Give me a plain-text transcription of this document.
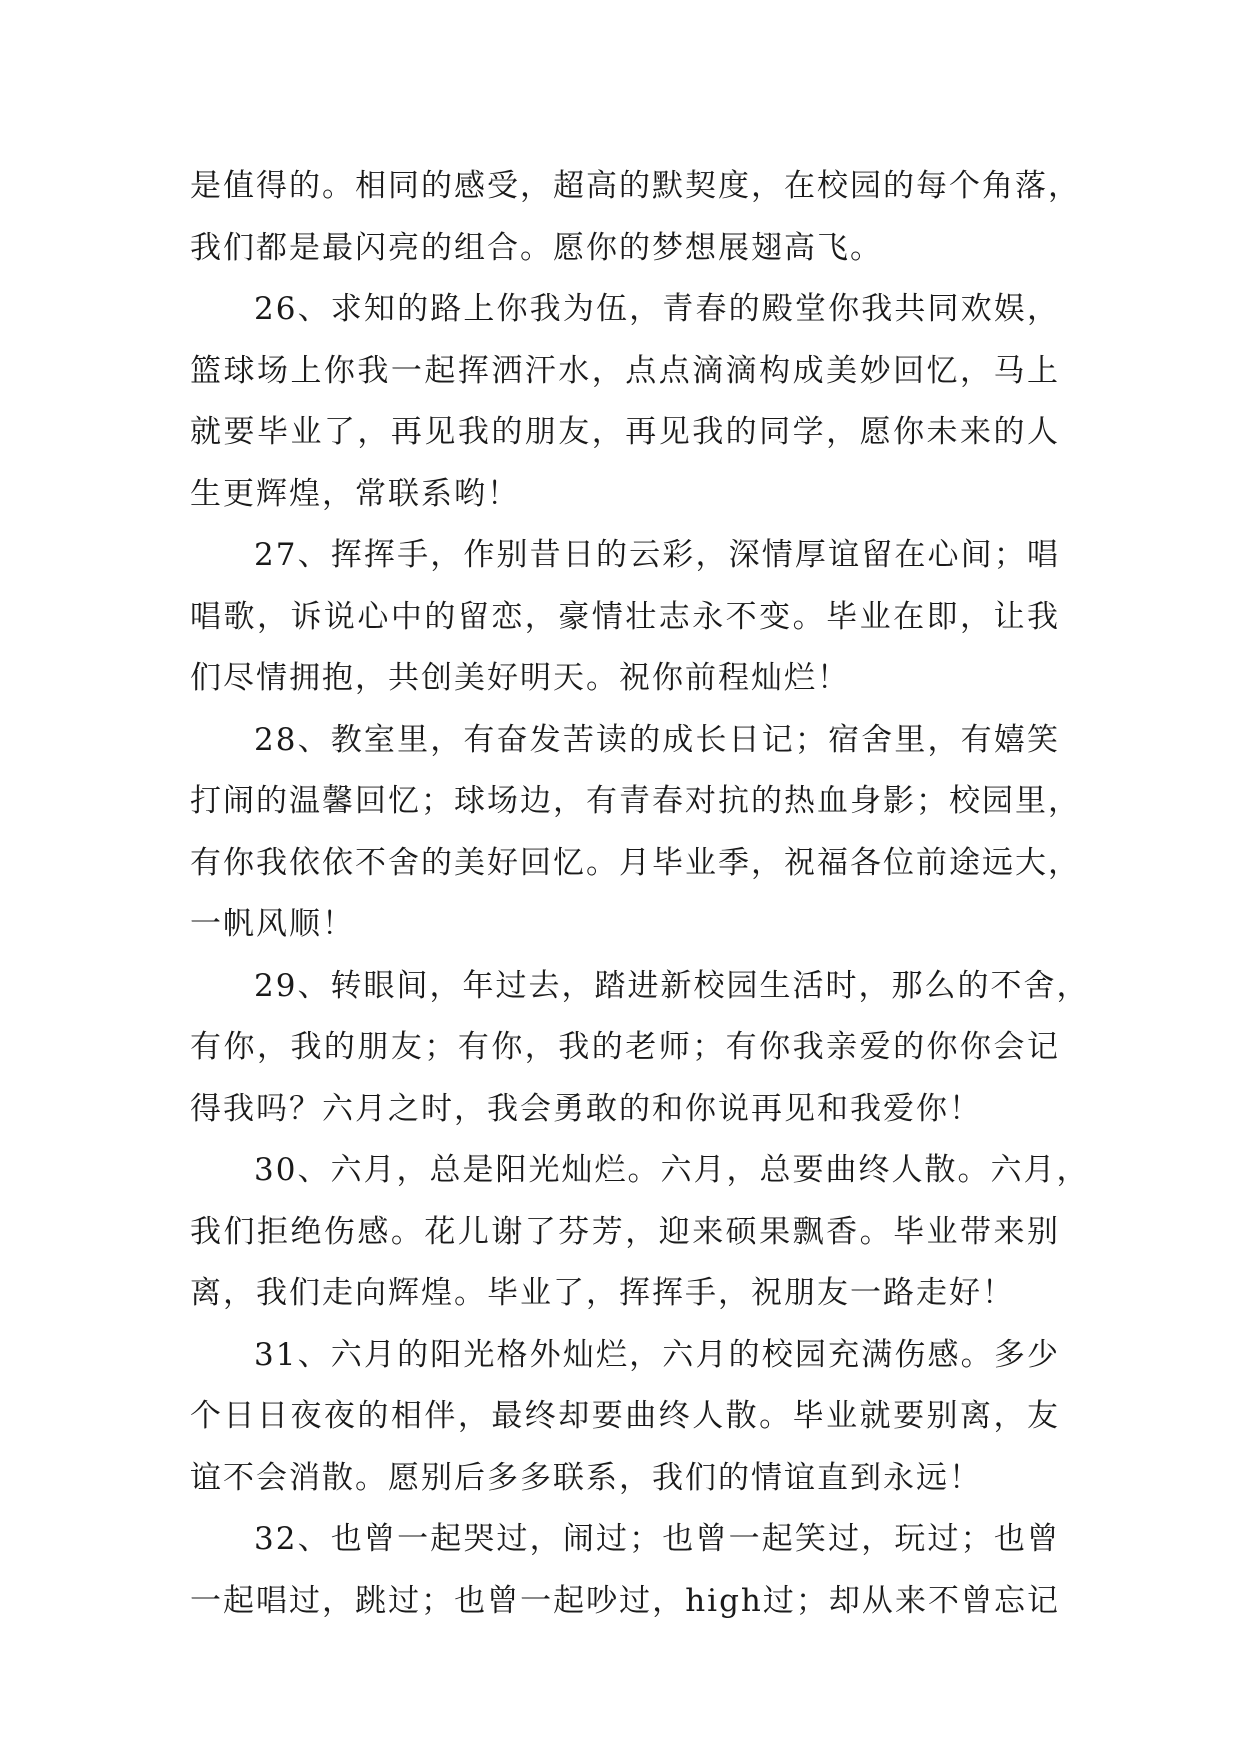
是值得的。相同的感受，超高的默契度，在校园的每个角落，
我们都是最闪亮的组合。愿你的梦想展翅高飞。

26、求知的路上你我为伍，青春的殿堂你我共同欢娱，
篮球场上你我一起挥洒汗水，点点滴滴构成美妙回忆，马上
就要毕业了，再见我的朋友，再见我的同学，愿你未来的人
生更辉煌，常联系哟！

27、挥挥手，作别昔日的云彩，深情厚谊留在心间；唱
唱歌，诉说心中的留恋，豪情壮志永不变。毕业在即，让我
们尽情拥抱，共创美好明天。祝你前程灿烂！

28、教室里，有奋发苦读的成长日记；宿舍里，有嬉笑
打闹的温馨回忆；球场边，有青春对抗的热血身影；校园里，
有你我依依不舍的美好回忆。月毕业季，祝福各位前途远大，
一帆风顺！

29、转眼间，年过去，踏进新校园生活时，那么的不舍，
有你，我的朋友；有你，我的老师；有你我亲爱的你你会记
得我吗？六月之时，我会勇敢的和你说再见和我爱你！

30、六月，总是阳光灿烂。六月，总要曲终人散。六月，
我们拒绝伤感。花儿谢了芬芳，迎来硕果飘香。毕业带来别
离，我们走向辉煌。毕业了，挥挥手，祝朋友一路走好！

31、六月的阳光格外灿烂，六月的校园充满伤感。多少
个日日夜夜的相伴，最终却要曲终人散。毕业就要别离，友
谊不会消散。愿别后多多联系，我们的情谊直到永远！

32、也曾一起哭过，闹过；也曾一起笑过，玩过；也曾
一起唱过，跳过；也曾一起吵过，high过；却从来不曾忘记
